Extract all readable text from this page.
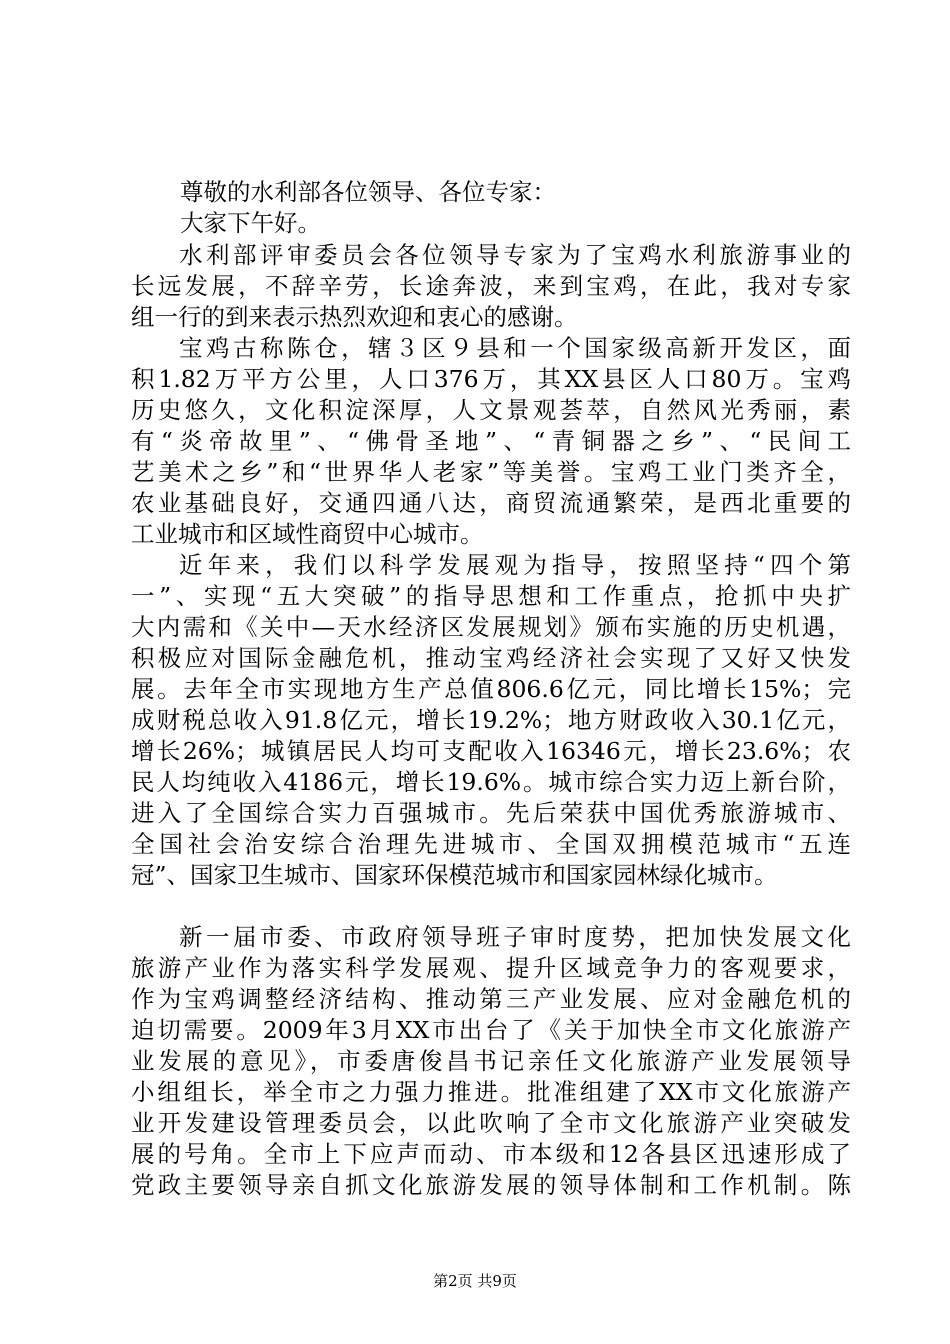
尊敬的水利部各位领导、各位专家：
大家下午好。
水利部评审委员会各位领导专家为了宝鸡水利旅游事业的
长远发展，不辞辛劳，长途奔波，来到宝鸡，在此，我对专家
组一行的到来表示热烈欢迎和衷心的感谢。
宝鸡古称陈仓，辖３区９县和一个国家级高新开发区，面
积1.82万平方公里，人口376万，其XX县区人口80万。宝鸡
历史悠久，文化积淀深厚，人文景观荟萃，自然风光秀丽，素
有“炎帝故里”、“佛骨圣地”、“青铜器之乡”、“民间工
艺美术之乡”和“世界华人老家”等美誉。宝鸡工业门类齐全，
农业基础良好，交通四通八达，商贸流通繁荣，是西北重要的
工业城市和区域性商贸中心城市。
近年来，我们以科学发展观为指导，按照坚持“四个第
一”、实现“五大突破”的指导思想和工作重点，抢抓中央扩
大内需和《关中—天水经济区发展规划》颁布实施的历史机遇，
积极应对国际金融危机，推动宝鸡经济社会实现了又好又快发
展。去年全市实现地方生产总值806.6亿元，同比增长15%；完
成财税总收入91.8亿元，增长19.2%；地方财政收入30.1亿元，
增长26%；城镇居民人均可支配收入16346元，增长23.6%；农
民人均纯收入4186元，增长19.6%。城市综合实力迈上新台阶，
进入了全国综合实力百强城市。先后荣获中国优秀旅游城市、
全国社会治安综合治理先进城市、全国双拥模范城市“五连
冠”、国家卫生城市、国家环保模范城市和国家园林绿化城市。
新一届市委、市政府领导班子审时度势，把加快发展文化
旅游产业作为落实科学发展观、提升区域竞争力的客观要求，
作为宝鸡调整经济结构、推动第三产业发展、应对金融危机的
迫切需要。2009年3月XX市出台了《关于加快全市文化旅游产
业发展的意见》，市委唐俊昌书记亲任文化旅游产业发展领导
小组组长，举全市之力强力推进。批准组建了XX市文化旅游产
业开发建设管理委员会，以此吹响了全市文化旅游产业突破发
展的号角。全市上下应声而动、市本级和12各县区迅速形成了
党政主要领导亲自抓文化旅游发展的领导体制和工作机制。陈
第2页 共9页
